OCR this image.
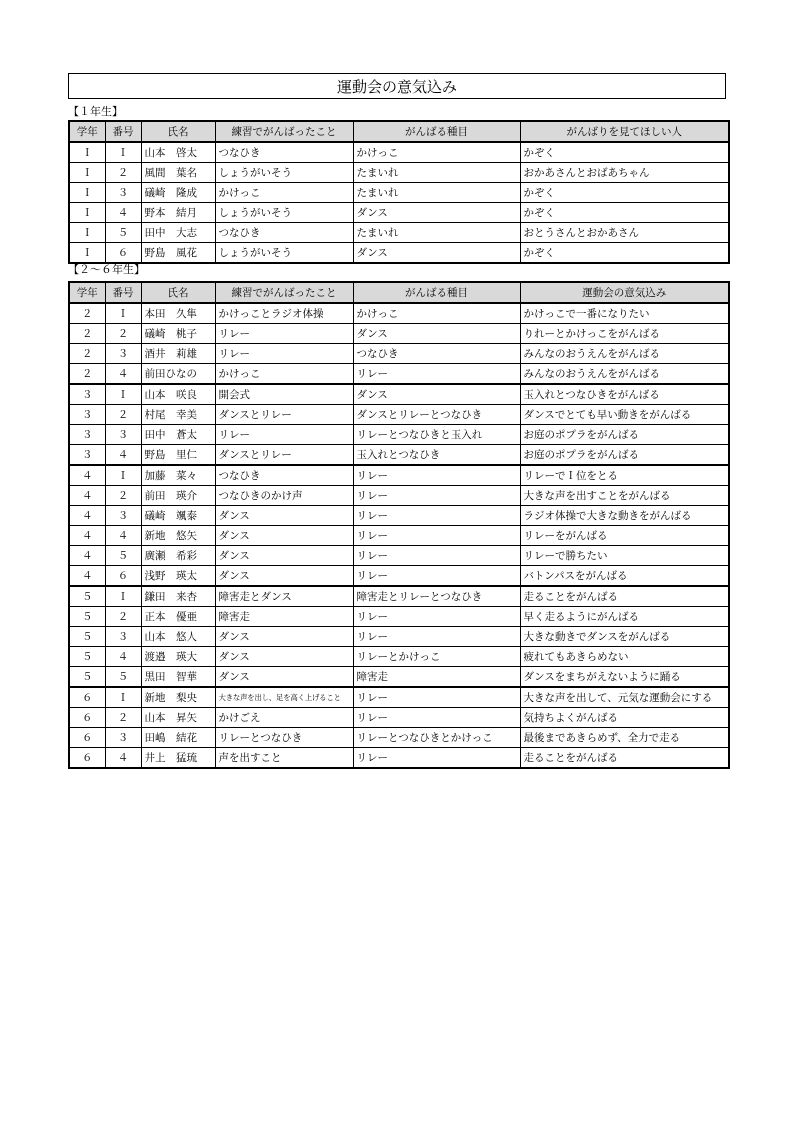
運動会の意気込み
【１年生】
学年	番号	氏名	練習でがんばったこと	がんばる種目	がんばりを見てほしい人
Ｉ	Ｉ	山本　啓太	つなひき	かけっこ	かぞく
Ｉ	２	風間　葉名	しょうがいそう	たまいれ	おかあさんとおばあちゃん
Ｉ	３	礒崎　隆成	かけっこ	たまいれ	かぞく
Ｉ	４	野本　結月	しょうがいそう	ダンス	かぞく
Ｉ	５	田中　大志	つなひき	たまいれ	おとうさんとおかあさん
Ｉ	６	野島　風花	しょうがいそう	ダンス	かぞく
【２～６年生】
学年	番号	氏名	練習でがんばったこと	がんばる種目	運動会の意気込み
２	Ｉ	本田　久隼	かけっことラジオ体操	かけっこ	かけっこで一番になりたい
２	２	礒崎　桃子	リレー	ダンス	りれーとかけっこをがんばる
２	３	酒井　莉雄	リレー	つなひき	みんなのおうえんをがんばる
２	４	前田ひなの	かけっこ	リレー	みんなのおうえんをがんばる
３	Ｉ	山本　咲良	開会式	ダンス	玉入れとつなひきをがんばる
３	２	村尾　幸美	ダンスとリレー	ダンスとリレーとつなひき	ダンスでとても早い動きをがんばる
３	３	田中　蒼太	リレー	リレーとつなひきと玉入れ	お庭のポプラをがんばる
３	４	野島　里仁	ダンスとリレー	玉入れとつなひき	お庭のポプラをがんばる
４	Ｉ	加藤　菜々	つなひき	リレー	リレーでＩ位をとる
４	２	前田　瑛介	つなひきのかけ声	リレー	大きな声を出すことをがんばる
４	３	礒崎　颯泰	ダンス	リレー	ラジオ体操で大きな動きをがんばる
４	４	新地　悠矢	ダンス	リレー	リレーをがんばる
４	５	廣瀬　希彩	ダンス	リレー	リレーで勝ちたい
４	６	浅野　瑛太	ダンス	リレー	バトンパスをがんばる
５	Ｉ	鎌田　来杏	障害走とダンス	障害走とリレーとつなひき	走ることをがんばる
５	２	正本　優亜	障害走	リレー	早く走るようにがんばる
５	３	山本　悠人	ダンス	リレー	大きな動きでダンスをがんばる
５	４	渡邉　瑛大	ダンス	リレーとかけっこ	疲れてもあきらめない
５	５	黒田　智華	ダンス	障害走	ダンスをまちがえないように踊る
６	Ｉ	新地　梨央	大きな声を出し、足を高く上げること	リレー	大きな声を出して、元気な運動会にする
６	２	山本　昇矢	かけごえ	リレー	気持ちよくがんばる
６	３	田嶋　結花	リレーとつなひき	リレーとつなひきとかけっこ	最後まであきらめず、全力で走る
６	４	井上　猛琉	声を出すこと	リレー	走ることをがんばる
